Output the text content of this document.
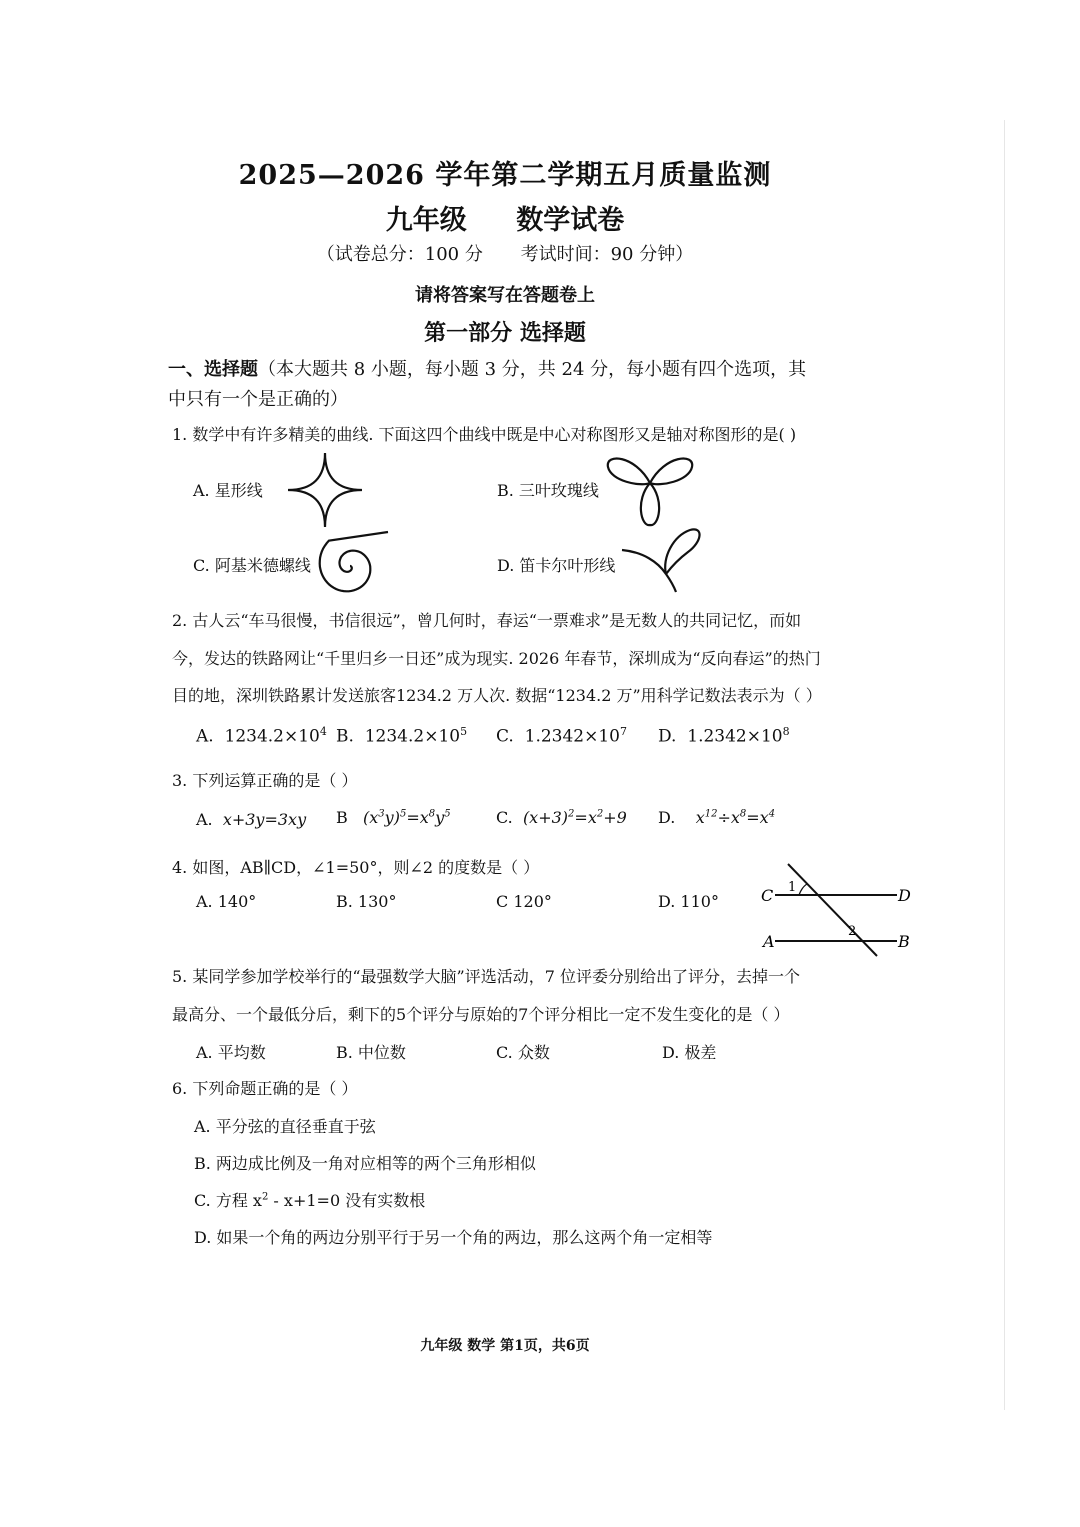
2025—2026 学年第二学期五月质量监测
九年级 数学试卷
（试卷总分：100 分 考试时间：90 分钟）
请将答案写在答题卷上
第一部分 选择题
一、选择题（本大题共 8 小题，每小题 3 分，共 24 分，每小题有四个选项，其
中只有一个是正确的）
1. 数学中有许多精美的曲线. 下面这四个曲线中既是中心对称图形又是轴对称图形的是( )
A. 星形线	B. 三叶玫瑰线
C. 阿基米德螺线	D. 笛卡尔叶形线
2. 古人云“车马很慢，书信很远”，曾几何时，春运“一票难求”是无数人的共同记忆，而如
今，发达的铁路网让“千里归乡一日还”成为现实. 2026 年春节，深圳成为“反向春运”的热门
目的地，深圳铁路累计发送旅客1234.2 万人次. 数据“1234.2 万”用科学记数法表示为（ ）
A. $1234.2\times 10^4$ B. $1234.2\times 10^5$ C. $1.2342\times 10^7$ D. $1.2342\times 10^8$
3. 下列运算正确的是（ ）
A. x+3y=3xy B $(x^3y)^5=x^8y^5$	C. $(x+3)^2=x^2+9$ D. $x^{12}\div x^8=x^4$
4. 如图，AB∥CD，∠1=50°，则∠2 的度数是（ ）
A. 140°	B. 130°	C 120°	D. 110°	C	D
A	B
1
2
5. 某同学参加学校举行的“最强数学大脑”评选活动，7 位评委分别给出了评分，去掉一个
最高分、一个最低分后，剩下的5个评分与原始的7个评分相比一定不发生变化的是（ ）
A. 平均数	B. 中位数	C. 众数	D. 极差
6. 下列命题正确的是（ ）
A. 平分弦的直径垂直于弦
B. 两边成比例及一角对应相等的两个三角形相似
C. 方程 $x^2 - x+1=0$ 没有实数根
D. 如果一个角的两边分别平行于另一个角的两边，那么这两个角一定相等
九年级 数学 第1页，共6页
